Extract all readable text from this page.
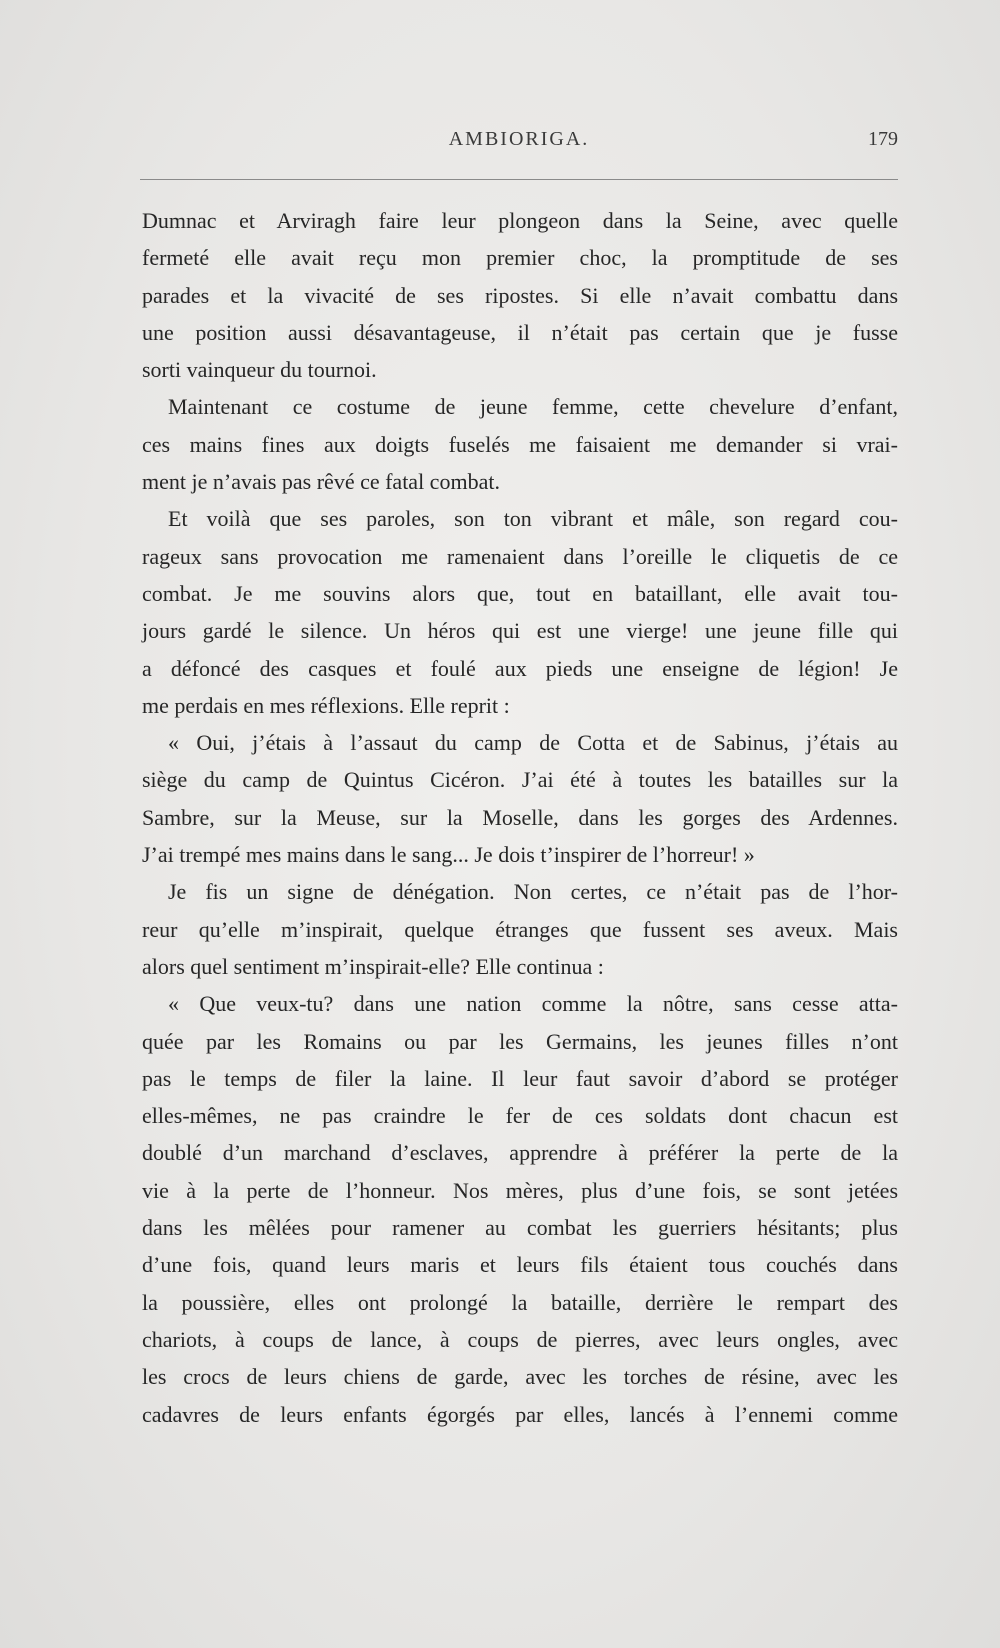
AMBIORIGA.	179
Dumnac et Arviragh faire leur plongeon dans la Seine, avec quelle
fermeté elle avait reçu mon premier choc, la promptitude de ses
parades et la vivacité de ses ripostes. Si elle n’avait combattu dans
une position aussi désavantageuse, il n’était pas certain que je fusse
sorti vainqueur du tournoi.
Maintenant ce costume de jeune femme, cette chevelure d’enfant,
ces mains fines aux doigts fuselés me faisaient me demander si vrai-
ment je n’avais pas rêvé ce fatal combat.
Et voilà que ses paroles, son ton vibrant et mâle, son regard cou-
rageux sans provocation me ramenaient dans l’oreille le cliquetis de ce
combat. Je me souvins alors que, tout en bataillant, elle avait tou-
jours gardé le silence. Un héros qui est une vierge! une jeune fille qui
a défoncé des casques et foulé aux pieds une enseigne de légion! Je
me perdais en mes réflexions. Elle reprit :
« Oui, j’étais à l’assaut du camp de Cotta et de Sabinus, j’étais au
siège du camp de Quintus Cicéron. J’ai été à toutes les batailles sur la
Sambre, sur la Meuse, sur la Moselle, dans les gorges des Ardennes.
J’ai trempé mes mains dans le sang... Je dois t’inspirer de l’horreur! »
Je fis un signe de dénégation. Non certes, ce n’était pas de l’hor-
reur qu’elle m’inspirait, quelque étranges que fussent ses aveux. Mais
alors quel sentiment m’inspirait-elle? Elle continua :
« Que veux-tu? dans une nation comme la nôtre, sans cesse atta-
quée par les Romains ou par les Germains, les jeunes filles n’ont
pas le temps de filer la laine. Il leur faut savoir d’abord se protéger
elles-mêmes, ne pas craindre le fer de ces soldats dont chacun est
doublé d’un marchand d’esclaves, apprendre à préférer la perte de la
vie à la perte de l’honneur. Nos mères, plus d’une fois, se sont jetées
dans les mêlées pour ramener au combat les guerriers hésitants; plus
d’une fois, quand leurs maris et leurs fils étaient tous couchés dans
la poussière, elles ont prolongé la bataille, derrière le rempart des
chariots, à coups de lance, à coups de pierres, avec leurs ongles, avec
les crocs de leurs chiens de garde, avec les torches de résine, avec les
cadavres de leurs enfants égorgés par elles, lancés à l’ennemi comme
